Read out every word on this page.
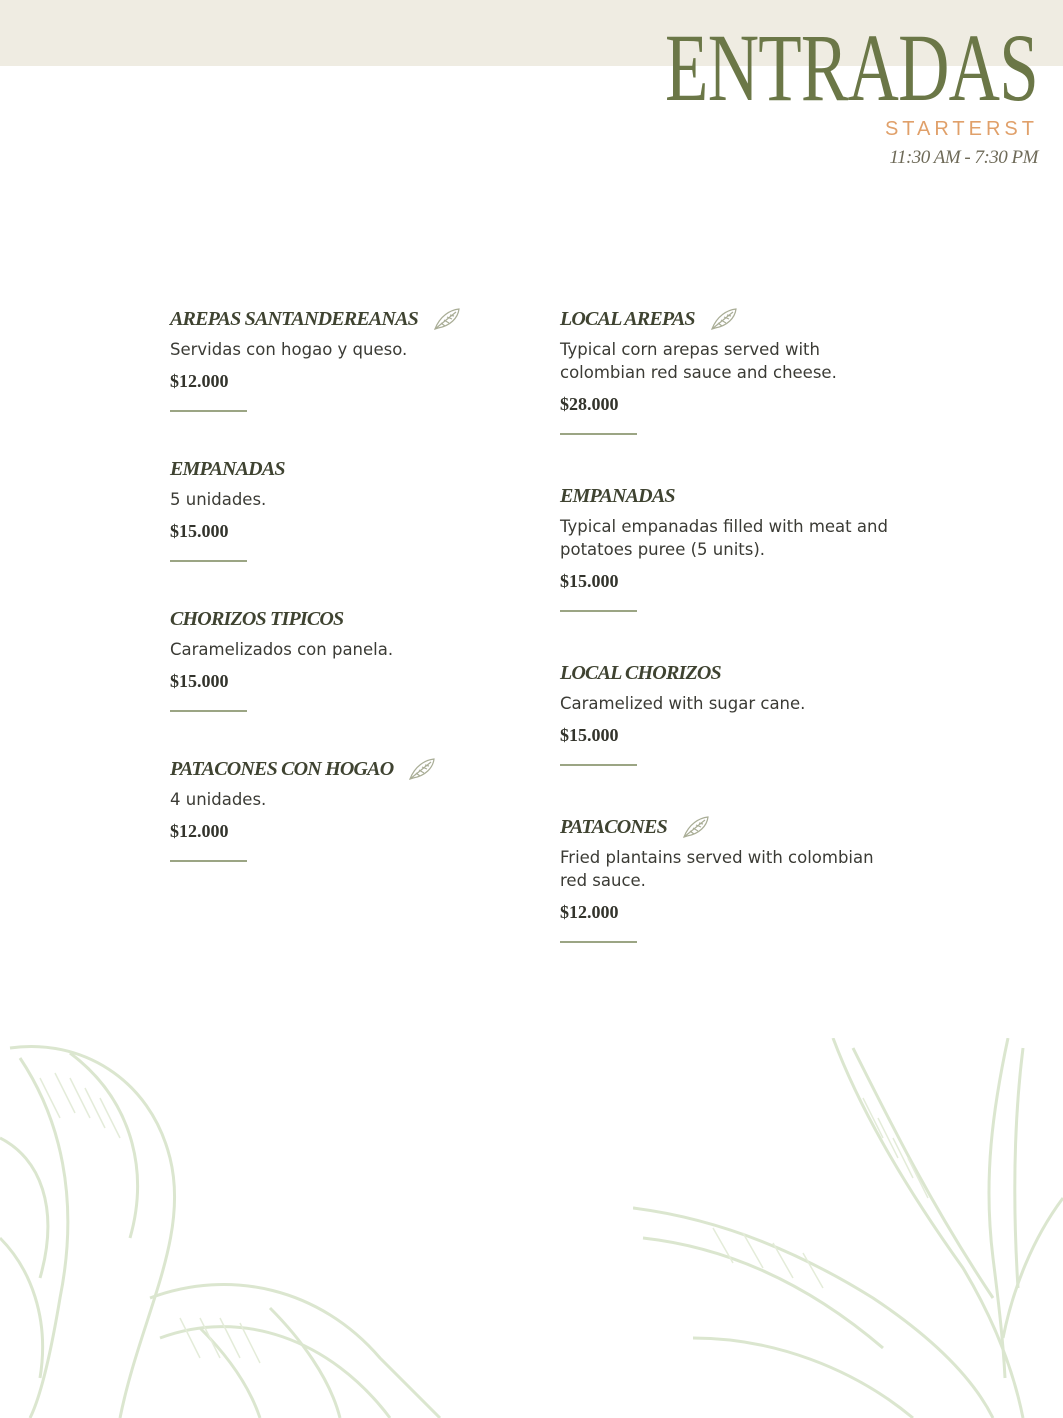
ENTRADAS
STARTERST
11:30 AM - 7:30 PM
AREPAS SANTANDEREANAS
Servidas con hogao y queso.
$12.000
EMPANADAS
5 unidades.
$15.000
CHORIZOS TIPICOS
Caramelizados con panela.
$15.000
PATACONES CON HOGAO
4 unidades.
$12.000
LOCAL AREPAS
Typical corn arepas served with colombian red sauce and cheese.
$28.000
EMPANADAS
Typical empanadas filled with meat and potatoes puree (5 units).
$15.000
LOCAL CHORIZOS
Caramelized with sugar cane.
$15.000
PATACONES
Fried plantains served with colombian red sauce.
$12.000
